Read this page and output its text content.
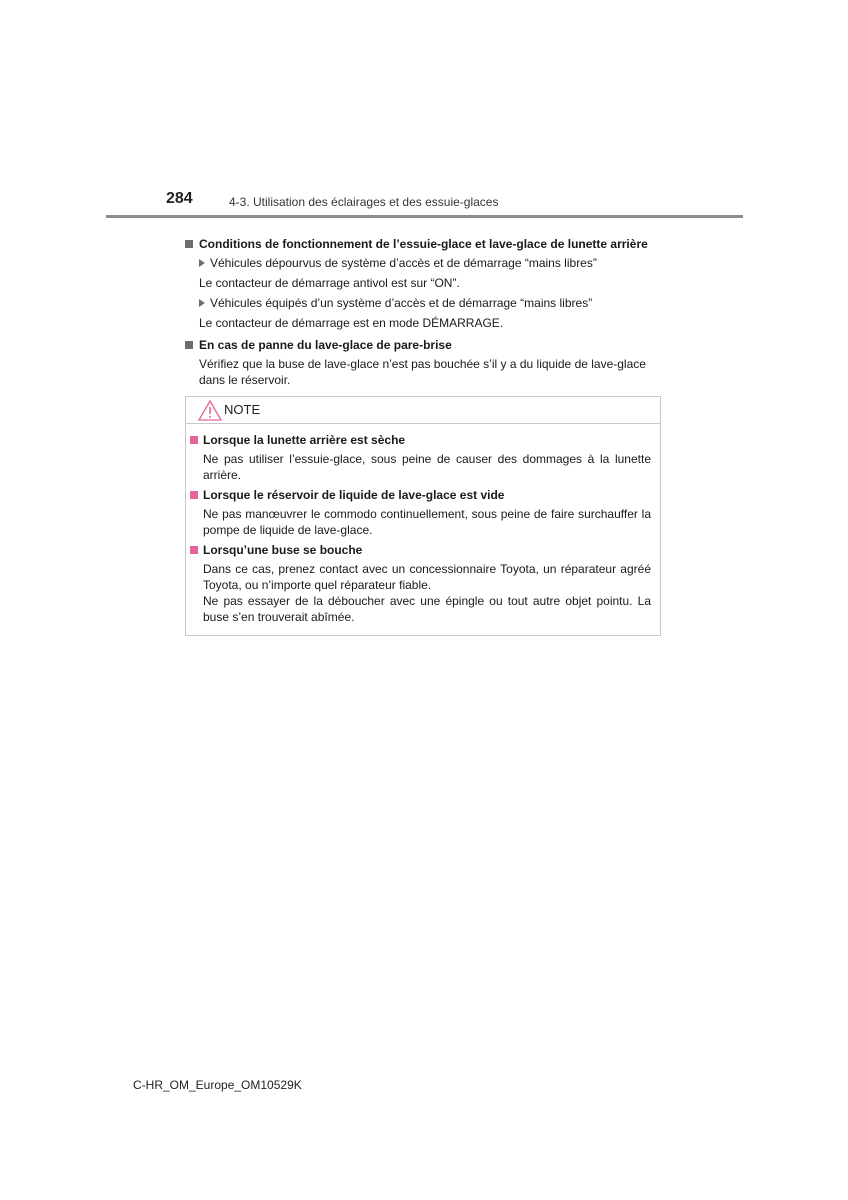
284	4-3. Utilisation des éclairages et des essuie-glaces
Conditions de fonctionnement de l’essuie-glace et lave-glace de lunette arrière
Véhicules dépourvus de système d’accès et de démarrage “mains libres”
Le contacteur de démarrage antivol est sur “ON”.
Véhicules équipés d’un système d’accès et de démarrage “mains libres”
Le contacteur de démarrage est en mode DÉMARRAGE.
En cas de panne du lave-glace de pare-brise
Vérifiez que la buse de lave-glace n’est pas bouchée s’il y a du liquide de lave-glace dans le réservoir.
NOTE
Lorsque la lunette arrière est sèche
Ne pas utiliser l’essuie-glace, sous peine de causer des dommages à la lunette arrière.
Lorsque le réservoir de liquide de lave-glace est vide
Ne pas manœuvrer le commodo continuellement, sous peine de faire surchauffer la pompe de liquide de lave-glace.
Lorsqu’une buse se bouche
Dans ce cas, prenez contact avec un concessionnaire Toyota, un réparateur agréé Toyota, ou n’importe quel réparateur fiable.
Ne pas essayer de la déboucher avec une épingle ou tout autre objet pointu. La buse s’en trouverait abîmée.
C-HR_OM_Europe_OM10529K
